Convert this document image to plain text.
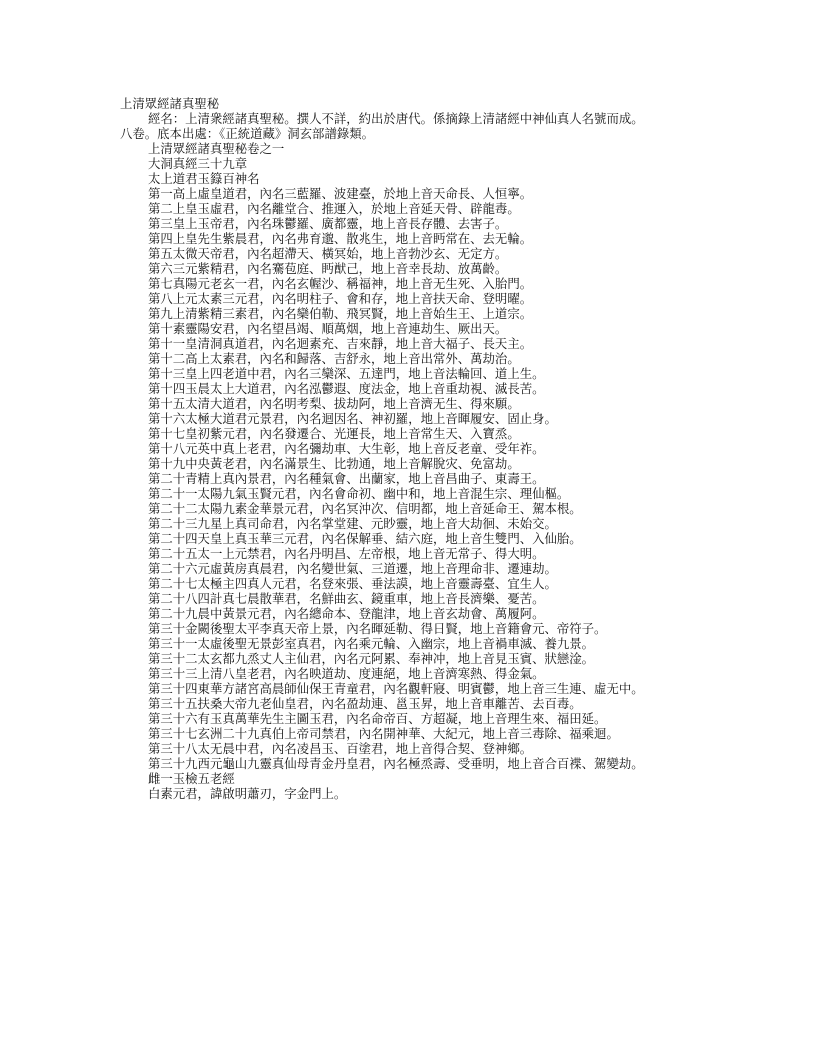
上清眾經諸真聖秘
經名：上清衆經諸真聖秘。撰人不詳，約出於唐代。係摘錄上清諸經中神仙真人名號而成。
八卷。底本出處：《正統道藏》洞玄部譜錄類。
上清眾經諸真聖秘卷之一
大洞真經三十九章
太上道君玉籙百神名
第一高上虛皇道君，內名三藍羅、波建臺，於地上音天命長、人恒寧。
第二上皇玉虛君，內名離堂合、推運入，於地上音延天骨、辟龍毒。
第三皇上玉帝君，內名珠鬱羅、廣都靈，地上音長存體、去害子。
第四上皇先生紫晨君，內名弗育邈、散兆生，地上音眄常在、去无輪。
第五太微天帝君，內名超滯天、橫冥始，地上音勃沙玄、无定方。
第六三元紫精君，內名騫苞庭、眄猷己，地上音幸長劫、放萬齡。
第七真陽元老玄一君，內名玄幄沙、稱福神，地上音无生死、入胎門。
第八上元太素三元君，內名明柱子、會和存，地上音扶天命、登明曜。
第九上清紫精三素君，內名欒伯勒、飛冥賢，地上音始生王、上道宗。
第十素靈陽安君，內名望昌竭、順萬烟，地上音連劫生、厥出天。
第十一皇清洞真道君，內名迴素充、吉來靜，地上音大福子、長天主。
第十二高上太素君，內名和歸落、吉舒永，地上音出常外、萬劫治。
第十三皇上四老道中君，內名三欒深、五達門，地上音法輪回、道上生。
第十四玉晨太上大道君，內名泓鬱遐、度法金，地上音重劫視、滅長苦。
第十五太清大道君，內名明考梨、拔劫阿，地上音濟无生、得來願。
第十六太極大道君元景君，內名迴因名、神初羅，地上音暉履安、固止身。
第十七皇初紫元君，內名發遷合、光運長，地上音常生天、入寶烝。
第十八元英中真上老君，內名彌劫車、大生彰，地上音反老童、受年祚。
第十九中央黃老君，內名滿景生、比勃通，地上音解脫灾、免富劫。
第二十青精上真內景君，內名種氣會、出蘭家，地上音昌曲子、東壽王。
第二十一太陽九氣玉賢元君，內名會命初、幽中和，地上音混生宗、理仙樞。
第二十二太陽九素金華景元君，內名冥沖次、信明都，地上音延命王、駕本根。
第二十三九星上真司命君，內名掌堂建、元眇靈，地上音大劫徊、未始交。
第二十四天皇上真玉華三元君，內名保解垂、結六庭，地上音生雙門、入仙胎。
第二十五太一上元禁君，內名丹明昌、左帝根，地上音无常子、得大明。
第二十六元虛黃房真晨君，內名變世氣、三道遷，地上音理命非、遷連劫。
第二十七太極主四真人元君，名登來張、垂法謨，地上音靈壽臺、宜生人。
第二十八四計真七晨散華君，名鮮曲玄、鏡重車，地上音長濟樂、憂苦。
第二十九晨中黃景元君，內名總命本、登龍津，地上音玄劫會、萬履阿。
第三十金闕後聖太平李真天帝上景，內名暉延勒、得日賢，地上音籍會元、帝符子。
第三十一太虛後聖无景彭室真君，內名乘元輪、入幽宗，地上音禍車滅、養九景。
第三十二太玄都九烝丈人主仙君，內名元阿累、奉神冲，地上音見玉賓、狀戀淦。
第三十三上清八皇老君，內名映道劫、度連絕，地上音濟寒熱、得金氣。
第三十四東華方諸宮高晨師仙保王青童君，內名觀軒寢、明賓鬱，地上音三生連、虛无中。
第三十五扶桑大帝九老仙皇君，內名盈劫連、邕玉昇，地上音車離苦、去百毒。
第三十六有玉真萬華先生主圖玉君，內名命帝百、方超凝，地上音理生來、福田延。
第三十七玄洲二十九真伯上帝司禁君，內名開神華、大紀元，地上音三毒除、福乘迴。
第三十八太无晨中君，內名凌昌玉、百塗君，地上音得合契、登神鄉。
第三十九西元龜山九靈真仙母青金丹皇君，內名極烝壽、受垂明，地上音合百褋、駕變劫。
雌一玉檢五老經
白素元君，諱啟明蕭刃，字金門上。
